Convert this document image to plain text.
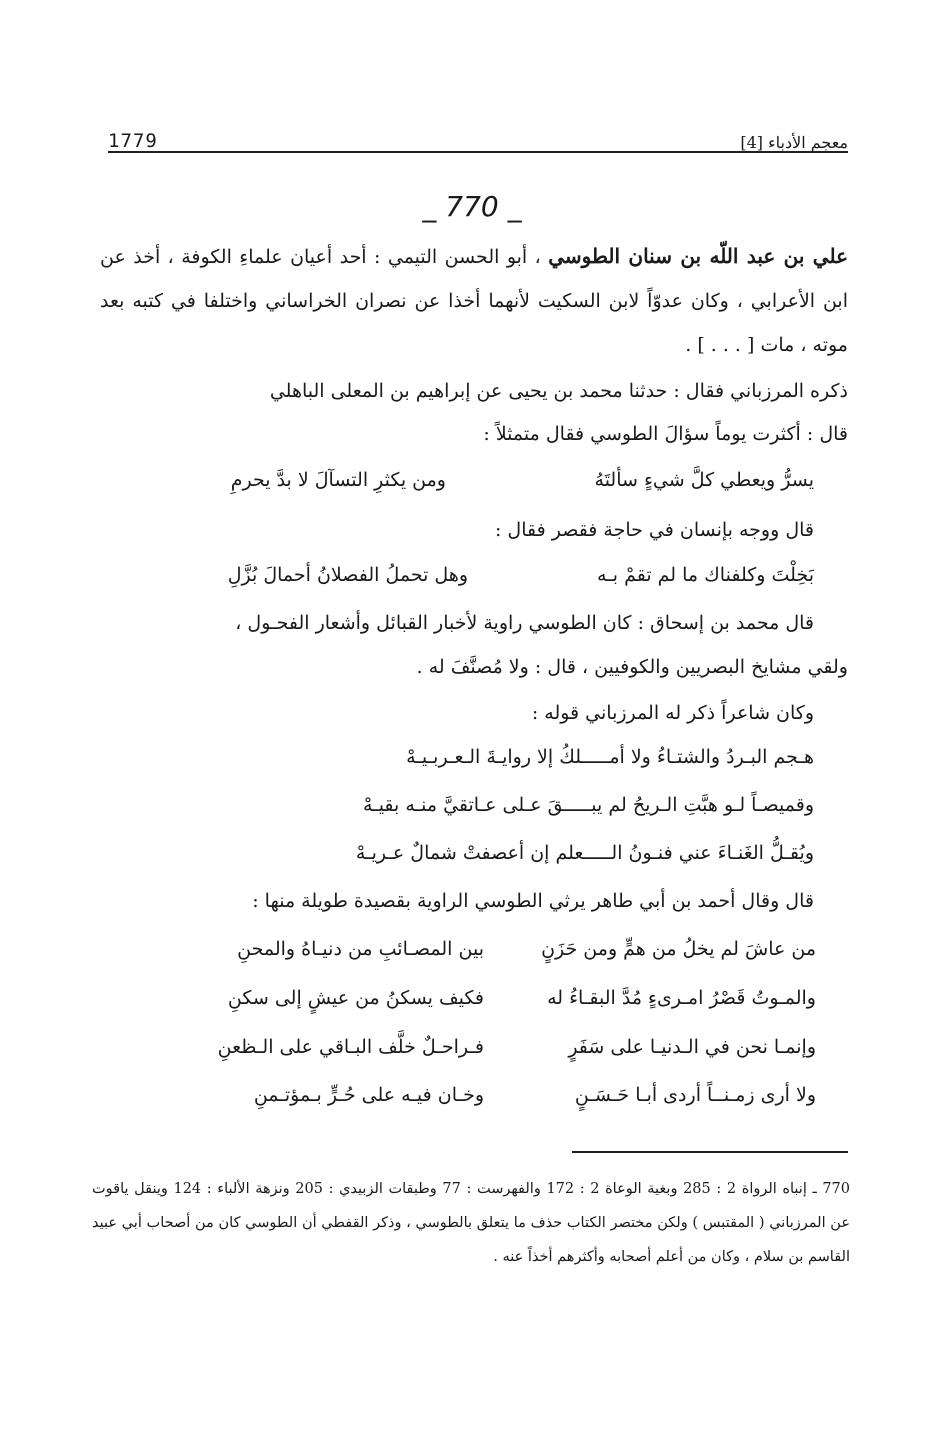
1779	معجم الأدباء [4]
_ 770 _

علي بن عبد اللّه بن سنان الطوسي ، أبو الحسن التيمي : أحد أعيان علماءِ الكوفة ، أخذ عن ابن الأعرابي ، وكان عدوّاً لابن السكيت لأنهما أخذا عن نصران الخراساني واختلفا في كتبه بعد موته ، مات [ . . . ] .

ذكره المرزباني فقال : حدثنا محمد بن يحيى عن إبراهيم بن المعلى الباهلي
قال : أكثرت يوماً سؤالَ الطوسي فقال متمثلاً :
يسرُّ ويعطي كلَّ شيءٍ سألتَهُ
ومن يكثرِ التسآلَ لا بدَّ يحرمِ
قال ووجه بإنسان في حاجة فقصر فقال :
بَخِلْتَ وكلفناك ما لم تقمْ بـه
وهل تحملُ الفصلانُ أحمالَ بُزَّلِ
قال محمد بن إسحاق : كان الطوسي راوية لأخبار القبائل وأشعار الفحـول ،
ولقي مشايخ البصريين والكوفيين ، قال : ولا مُصنَّفَ له .
وكان شاعراً ذكر له المرزباني قوله :
هـجم البـردُ والشتـاءُ ولا أمـــــلكُ إلا روايـةَ الـعـربـيـهْ
وقميصـاً لـو هبَّتِ الـريحُ لم يبـــــقَ عـلى عـاتقيَّ منـه بقيـهْ
ويُقـلُّ الغَنـاءَ عني فنـونُ الـــــعلم إن أعصفتْ شمالٌ عـريـهْ
قال وقال أحمد بن أبي طاهر يرثي الطوسي الراوية بقصيدة طويلة منها :
من عاشَ لم يخلُ من همٍّ ومن حَزَنٍ
بين المصـائبِ من دنيـاهُ والمحنِ
والمـوتُ قَصْرُ امـرىءٍ مُدَّ البقـاءُ له
فكيف يسكنُ من عيشٍ إلى سكنِ
وإنمـا نحن في الـدنيـا على سَفَرٍ
فـراحـلٌ خلَّف البـاقي على الـظعنِ
ولا أرى زمـنــاً أردى أبـا حَـسَـنٍ
وخـان فيـه على حُـرٍّ بـمؤتـمنِ

770 ـ إنباه الرواة 2 : 285 وبغية الوعاة 2 : 172 والفهرست : 77 وطبقات الزبيدي : 205 ونزهة الألباء : 124 وينقل ياقوت عن المرزباني ( المقتبس ) ولكن مختصر الكتاب حذف ما يتعلق بالطوسي ، وذكر القفطي أن الطوسي كان من أصحاب أبي عبيد القاسم بن سلام ، وكان من أعلم أصحابه وأكثرهم أخذاً عنه .
